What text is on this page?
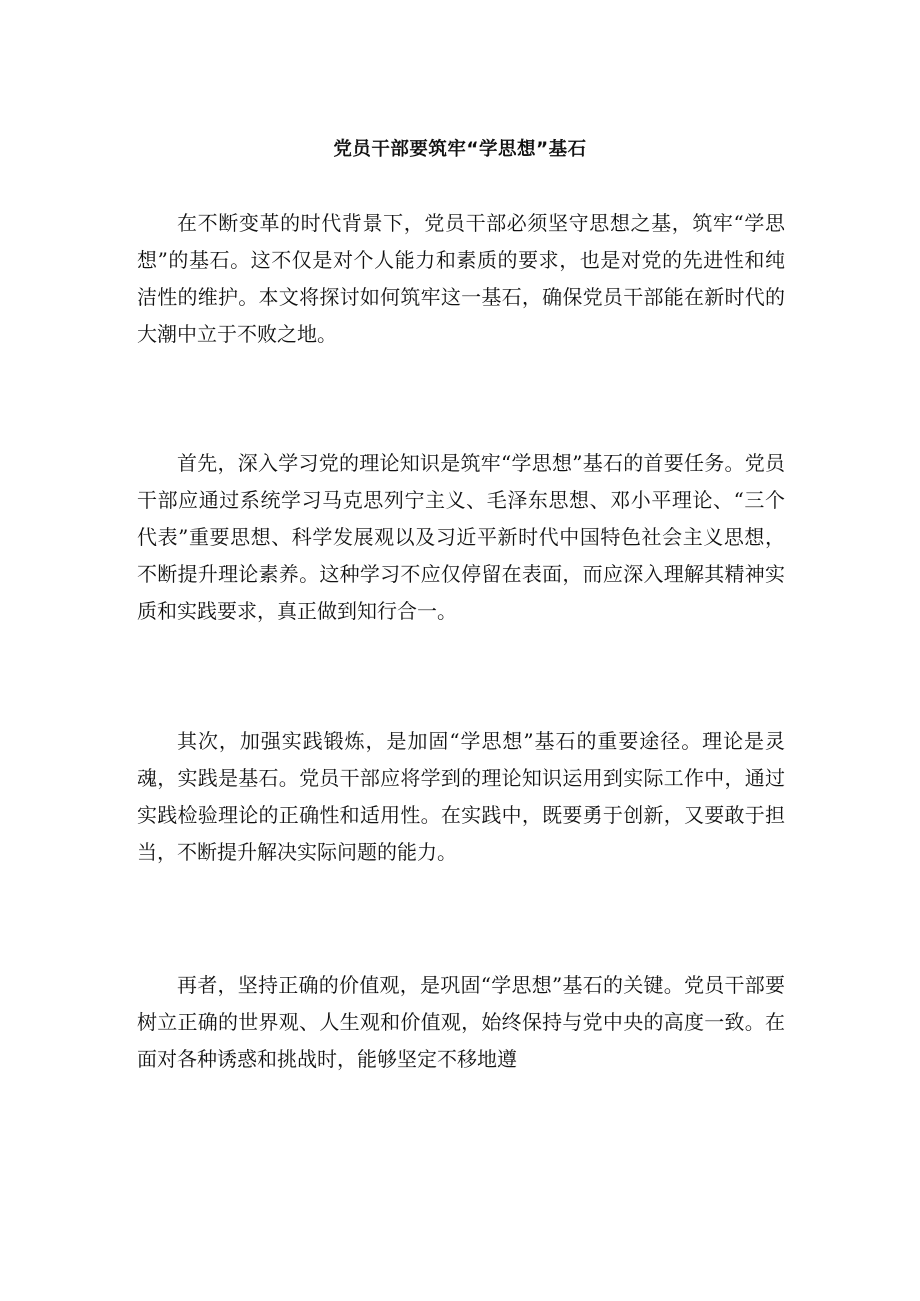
党员干部要筑牢“学思想”基石

在不断变革的时代背景下，党员干部必须坚守思想之基，筑牢“学思想”的基石。这不仅是对个人能力和素质的要求，也是对党的先进性和纯洁性的维护。本文将探讨如何筑牢这一基石，确保党员干部能在新时代的大潮中立于不败之地。

首先，深入学习党的理论知识是筑牢“学思想”基石的首要任务。党员干部应通过系统学习马克思列宁主义、毛泽东思想、邓小平理论、“三个代表”重要思想、科学发展观以及习近平新时代中国特色社会主义思想，不断提升理论素养。这种学习不应仅停留在表面，而应深入理解其精神实质和实践要求，真正做到知行合一。

其次，加强实践锻炼，是加固“学思想”基石的重要途径。理论是灵魂，实践是基石。党员干部应将学到的理论知识运用到实际工作中，通过实践检验理论的正确性和适用性。在实践中，既要勇于创新，又要敢于担当，不断提升解决实际问题的能力。

再者，坚持正确的价值观，是巩固“学思想”基石的关键。党员干部要树立正确的世界观、人生观和价值观，始终保持与党中央的高度一致。在面对各种诱惑和挑战时，能够坚定不移地遵
